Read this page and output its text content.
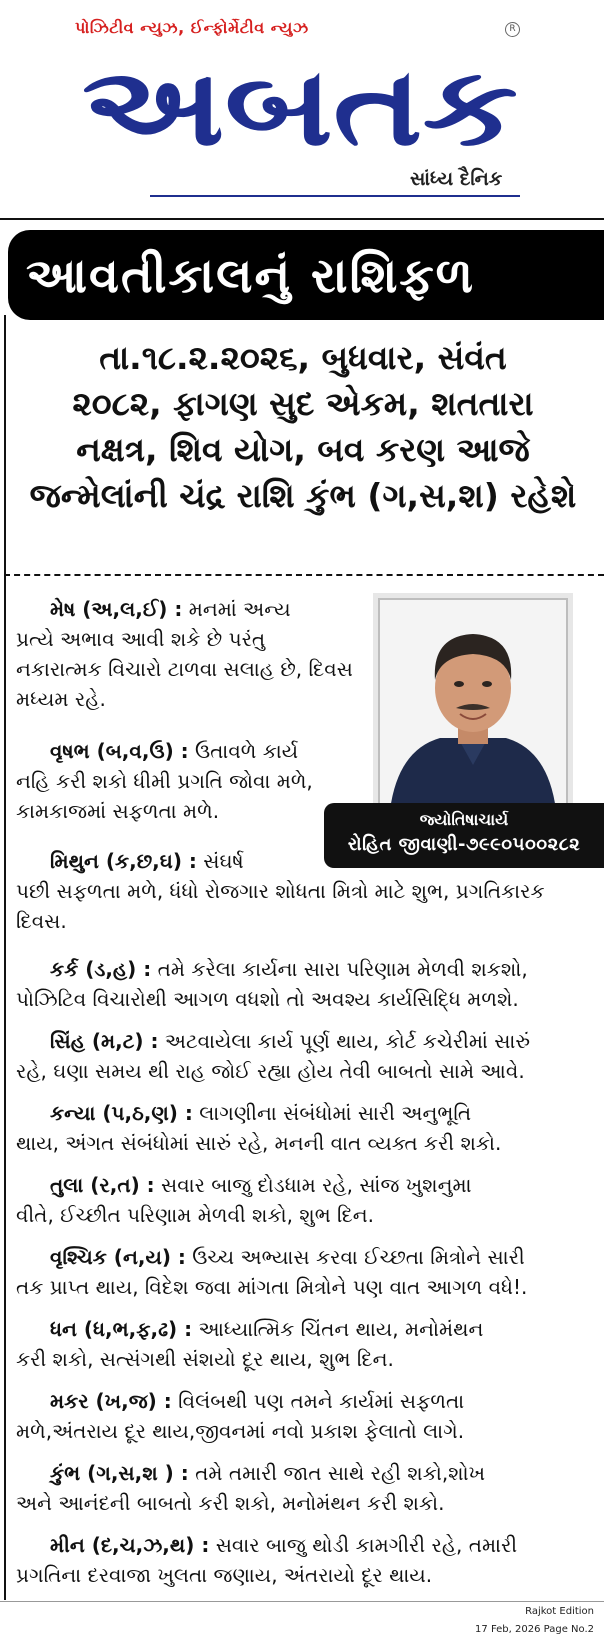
પોઝિટીવ ન્યુઝ, ઈન્ફોર્મેટીવ ન્યુઝ	R
અબતક
સાંધ્ય દૈનિક
આવતીકાલનું રાશિફળ
તા.૧૮.૨.૨૦૨૬, બુધવાર, સંવંત
૨૦૮૨, ફાગણ સુદ એકમ, શતતારા
નક્ષત્ર, શિવ યોગ, બવ કરણ આજે
જન્મેલાંની ચંદ્ર રાશિ કુંભ (ગ,સ,શ) રહેશે
જ્યોતિષાચાર્ય
રોહિત જીવાણી-૭૯૯૦૫૦૦૨૮૨
મેષ (અ,લ,ઈ) : મનમાં અન્ય
પ્રત્યે અભાવ આવી શકે છે પરંતુ
નકારાત્મક વિચારો ટાળવા સલાહ છે, દિવસ
મધ્યમ રહે.
વૃષભ (બ,વ,ઉ) : ઉતાવળે કાર્ય
નહિ કરી શકો ધીમી પ્રગતિ જોવા મળે,
કામકાજમાં સફળતા મળે.
મિથુન (ક,છ,ઘ) : સંઘર્ષ
પછી સફળતા મળે, ધંધો રોજગાર શોધતા મિત્રો માટે શુભ, પ્રગતિકારક
દિવસ.
કર્ક (ડ,હ) : તમે કરેલા કાર્યના સારા પરિણામ મેળવી શકશો,
પોઝિટિવ વિચારોથી આગળ વધશો તો અવશ્ય કાર્યસિદ્ધિ મળશે.
સિંહ (મ,ટ) : અટવાયેલા કાર્ય પૂર્ણ થાય, કોર્ટ કચેરીમાં સારું
રહે, ઘણા સમય થી રાહ જોઈ રહ્યા હોય તેવી બાબતો સામે આવે.
કન્યા (પ,ઠ,ણ) : લાગણીના સંબંધોમાં સારી અનુભૂતિ
થાય, અંગત સંબંધોમાં સારું રહે, મનની વાત વ્યક્ત કરી શકો.
તુલા (ર,ત) : સવાર બાજુ દોડધામ રહે, સાંજ ખુશનુમા
વીતે, ઈચ્છીત પરિણામ મેળવી શકો, શુભ દિન.
વૃશ્ચિક (ન,ય) : ઉચ્ચ અભ્યાસ કરવા ઈચ્છતા મિત્રોને સારી
તક પ્રાપ્ત થાય, વિદેશ જવા માંગતા મિત્રોને પણ વાત આગળ વધે!.
ધન (ધ,ભ,ફ,ઢ) : આધ્યાત્મિક ચિંતન થાય, મનોમંથન
કરી શકો, સત્સંગથી સંશયો દૂર થાય, શુભ દિન.
મકર (ખ,જ) : વિલંબથી પણ તમને કાર્યમાં સફળતા
મળે,અંતરાય દૂર થાય,જીવનમાં નવો પ્રકાશ ફેલાતો લાગે.
કુંભ (ગ,સ,શ ) : તમે તમારી જાત સાથે રહી શકો,શોખ
અને આનંદની બાબતો કરી શકો, મનોમંથન કરી શકો.
મીન (દ,ચ,ઝ,થ) : સવાર બાજુ થોડી કામગીરી રહે, તમારી
પ્રગતિના દરવાજા ખુલતા જણાય, અંતરાયો દૂર થાય.
Rajkot Edition
17 Feb, 2026 Page No.2
